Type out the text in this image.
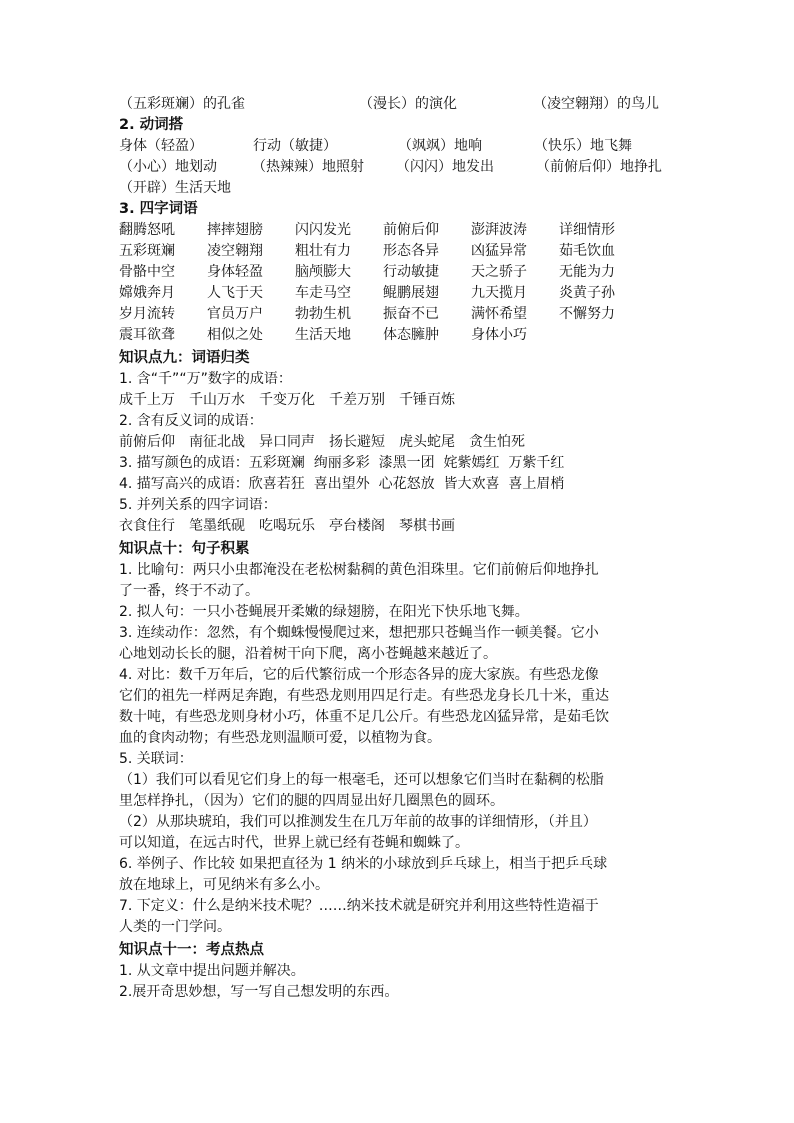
（五彩斑斓）的孔雀	（漫长）的演化	（凌空翱翔）的鸟儿
2. 动词搭
身体（轻盈）	行动（敏捷）	（飒飒）地响	（快乐）地飞舞
（小心）地划动	（热辣辣）地照射	（闪闪）地发出	（前俯后仰）地挣扎
（开辟）生活天地
3. 四字词语
翻腾怒吼	摔摔翅膀	闪闪发光	前俯后仰	澎湃波涛	详细情形
五彩斑斓	凌空翱翔	粗壮有力	形态各异	凶猛异常	茹毛饮血
骨骼中空	身体轻盈	脑颅膨大	行动敏捷	天之骄子	无能为力
嫦娥奔月	人飞于天	车走马空	鲲鹏展翅	九天揽月	炎黄子孙
岁月流转	官员万户	勃勃生机	振奋不已	满怀希望	不懈努力
震耳欲聋	相似之处	生活天地	体态臃肿	身体小巧
知识点九：词语归类
1. 含“千”“万”数字的成语：
成千上万 千山万水 千变万化 千差万别 千锤百炼
2. 含有反义词的成语：
前俯后仰 南征北战 异口同声 扬长避短 虎头蛇尾 贪生怕死
3. 描写颜色的成语：五彩斑斓  绚丽多彩  漆黑一团  姹紫嫣红  万紫千红
4. 描写高兴的成语：欣喜若狂  喜出望外  心花怒放  皆大欢喜  喜上眉梢
5. 并列关系的四字词语：
衣食住行 笔墨纸砚 吃喝玩乐 亭台楼阁 琴棋书画
知识点十：句子积累
1. 比喻句：两只小虫都淹没在老松树黏稠的黄色泪珠里。它们前俯后仰地挣扎
了一番，终于不动了。
2. 拟人句：一只小苍蝇展开柔嫩的绿翅膀，在阳光下快乐地飞舞。
3. 连续动作：忽然，有个蜘蛛慢慢爬过来，想把那只苍蝇当作一顿美餐。它小
心地划动长长的腿，沿着树干向下爬，离小苍蝇越来越近了。
4. 对比：数千万年后，它的后代繁衍成一个形态各异的庞大家族。有些恐龙像
它们的祖先一样两足奔跑，有些恐龙则用四足行走。有些恐龙身长几十米，重达
数十吨，有些恐龙则身材小巧，体重不足几公斤。有些恐龙凶猛异常，是茹毛饮
血的食肉动物；有些恐龙则温顺可爱，以植物为食。
5. 关联词：
（1）我们可以看见它们身上的每一根毫毛，还可以想象它们当时在黏稠的松脂
里怎样挣扎，（因为）它们的腿的四周显出好几圈黑色的圆环。
（2）从那块琥珀，我们可以推测发生在几万年前的故事的详细情形，（并且）
可以知道，在远古时代，世界上就已经有苍蝇和蜘蛛了。
6. 举例子、作比较 如果把直径为 1 纳米的小球放到乒乓球上，相当于把乒乓球
放在地球上，可见纳米有多么小。
7. 下定义：什么是纳米技术呢？……纳米技术就是研究并利用这些特性造福于
人类的一门学问。
知识点十一：考点热点
1. 从文章中提出问题并解决。
2.展开奇思妙想，写一写自己想发明的东西。
